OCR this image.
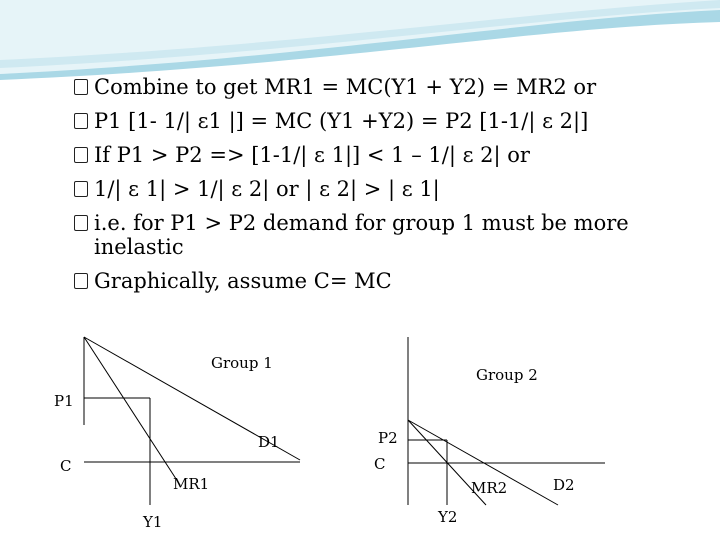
Combine to get MR1 = MC(Y1 + Y2) = MR2 or
P1 [1- 1/| ε1 |] = MC (Y1 +Y2) = P2 [1-1/| ε 2|]
If P1 > P2 => [1-1/| ε 1|] < 1 – 1/| ε 2| or
1/| ε 1| > 1/| ε 2| or | ε 2| > | ε 1|
i.e. for P1 > P2 demand for group 1 must be more inelastic
Graphically, assume C= MC
Group 1
P1
C
D1
MR1
Y1
Group 2
P2
C
D2
MR2
Y2
